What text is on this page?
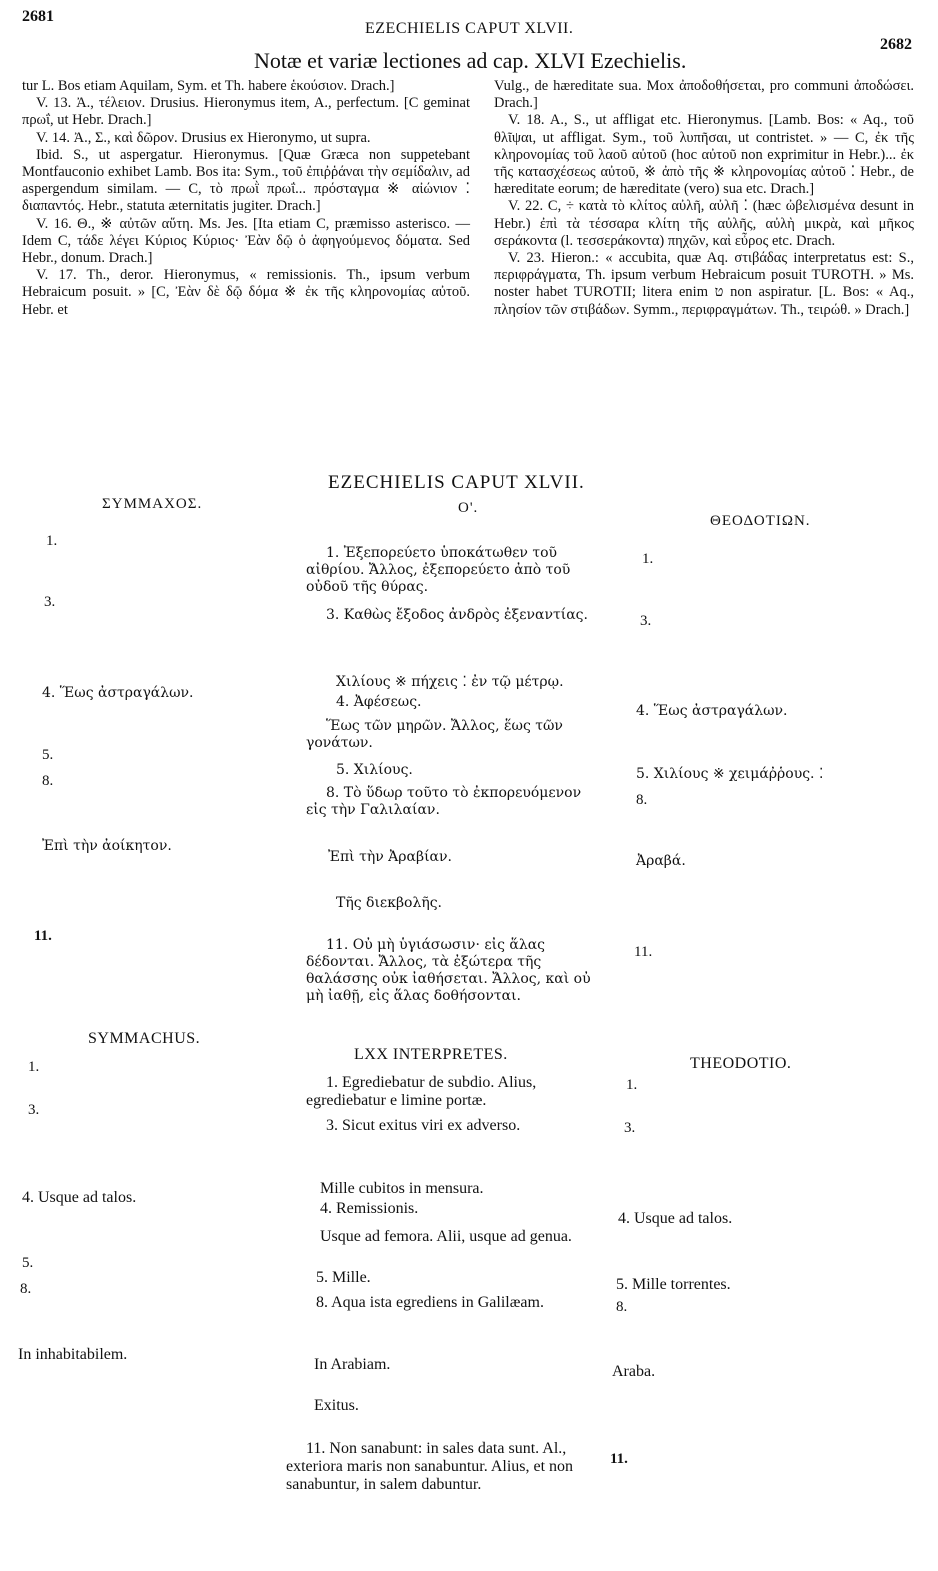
2681
EZECHIELIS CAPUT XLVII.
2682
Notæ et variæ lectiones ad cap. XLVI Ezechielis.

tur L. Bos etiam Aquilam, Sym. et Th. habere ἑκούσιον. Drach.]

V. 13. Ἀ., τέλειον. Drusius. Hieronymus item, A., perfectum. [C geminat πρωΐ, ut Hebr. Drach.]

V. 14. Ἀ., Σ., καὶ δῶρον. Drusius ex Hieronymo, ut supra.

Ibid. S., ut aspergatur. Hieronymus. [Quæ Græca non suppetebant Montfauconio exhibet Lamb. Bos ita: Sym., τοῦ ἐπιῤῥάναι τὴν σεμίδαλιν, ad aspergendum similam. — C, τὸ πρωῒ πρωΐ... πρόσταγμα ※ αἰώνιον ⁚ διαπαντός. Hebr., statuta æternitatis jugiter. Drach.]

V. 16. Θ., ※ αὐτῶν αὕτη. Ms. Jes. [Ita etiam C, præmisso asterisco. — Idem C, τάδε λέγει Κύριος Κύριος· Ἐὰν δῷ ὁ ἀφηγούμενος δόματα. Sed Hebr., donum. Drach.]

V. 17. Th., deror. Hieronymus, « remissionis. Th., ipsum verbum Hebraicum posuit. » [C, Ἐὰν δὲ δῷ δόμα ※ ἐκ τῆς κληρονομίας αὐτοῦ. Hebr. et

Vulg., de hæreditate sua. Mox ἀποδοθήσεται, pro communi ἀποδώσει. Drach.]

V. 18. A., S., ut affligat etc. Hieronymus. [Lamb. Bos: « Aq., τοῦ θλῖψαι, ut affligat. Sym., τοῦ λυπῆσαι, ut contristet. » — C, ἐκ τῆς κληρονομίας τοῦ λαοῦ αὐτοῦ (hoc αὐτοῦ non exprimitur in Hebr.)... ἐκ τῆς κατασχέσεως αὐτοῦ, ※ ἀπὸ τῆς ※ κληρονομίας αὐτοῦ ⁚ Hebr., de hæreditate eorum; de hæreditate (vero) sua etc. Drach.]

V. 22. C, ÷ κατὰ τὸ κλίτος αὐλῆ, αὐλῆ ⁚ (hæc ὠβελισμένα desunt in Hebr.) ἐπὶ τὰ τέσσαρα κλίτη τῆς αὐλῆς, αὐλὴ μικρὰ, καὶ μῆκος σεράκοντα (l. τεσσεράκοντα) πηχῶν, καὶ εὖρος etc. Drach.

V. 23. Hieron.: « accubita, quæ Aq. στιβάδας interpretatus est: S., περιφράγματα, Th. ipsum verbum Hebraicum posuit TUROTH. » Ms. noster habet TUROTII; litera enim ט non aspiratur. [L. Bos: « Aq., πλησίον τῶν στιβάδων. Symm., περιφραγμάτων. Th., τειρώθ. » Drach.]

EZECHIELIS CAPUT XLVII.
ΣΥΜΜΑΧΟΣ.	O'.
ΘΕΟΔΟΤΙΩΝ.
1.
3.
4. Ἕως ἀστραγάλων.
5.
8.
Ἐπὶ τὴν ἀοίκητον.
11.
1. Ἐξεπορεύετο ὑποκάτωθεν τοῦ αἰθρίου. Ἄλλος, ἐξεπορεύετο ἀπὸ τοῦ οὐδοῦ τῆς θύρας.
3. Καθὼς ἔξοδος ἀνδρὸς ἐξεναντίας.
Χιλίους ※ πήχεις ⁚ ἐν τῷ μέτρῳ.
4. Ἀφέσεως.
Ἕως τῶν μηρῶν. Ἄλλος, ἕως τῶν γονάτων.
5. Χιλίους.
8. Τὸ ὕδωρ τοῦτο τὸ ἐκπορευόμενον εἰς τὴν Γαλιλαίαν.
Ἐπὶ τὴν Ἀραβίαν.
Τῆς διεκβολῆς.
11. Οὐ μὴ ὑγιάσωσιν· εἰς ἅλας δέδονται. Ἄλλος, τὰ ἐξώτερα τῆς θαλάσσης οὐκ ἰαθήσεται. Ἄλλος, καὶ οὐ μὴ ἰαθῇ, εἰς ἅλας δοθήσονται.
1.
3.
4. Ἕως ἀστραγάλων.
5. Χιλίους ※ χειμάῤῥους. ⁚
8.
Ἀραβά.
11.
SYMMACHUS.
LXX INTERPRETES.
THEODOTIO.
1.
3.
4. Usque ad talos.
5.
8.
In inhabitabilem.
1. Egrediebatur de subdio. Alius, egrediebatur e limine portæ.
3. Sicut exitus viri ex adverso.
Mille cubitos in mensura.
4. Remissionis.
Usque ad femora. Alii, usque ad genua.
5. Mille.
8. Aqua ista egrediens in Galilæam.
In Arabiam.
Exitus.
11. Non sanabunt: in sales data sunt. Al., exteriora maris non sanabuntur. Alius, et non sanabuntur, in salem dabuntur.
1.
3.
4. Usque ad talos.
5. Mille torrentes.
8.
Araba.
11.
